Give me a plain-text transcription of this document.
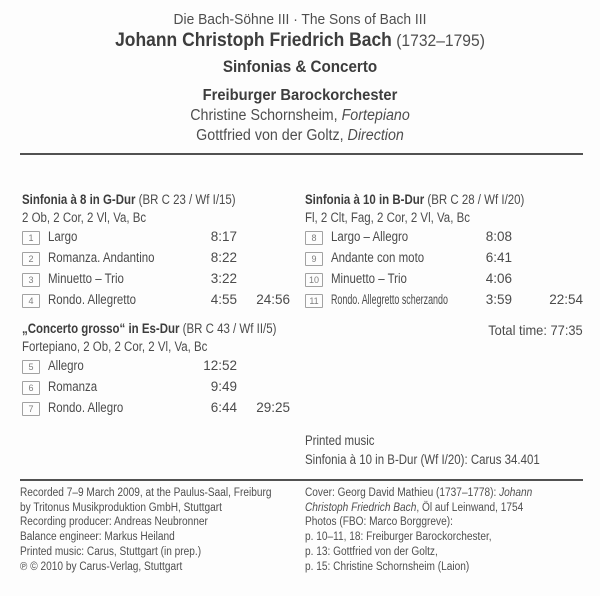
Die Bach-Söhne III · The Sons of Bach III
Johann Christoph Friedrich Bach (1732–1795)
Sinfonias & Concerto
Freiburger Barockorchester
Christine Schornsheim, Fortepiano
Gottfried von der Goltz, Direction
Sinfonia à 8 in G-Dur (BR C 23 / Wf I/15)
2 Ob, 2 Cor, 2 Vl, Va, Bc
1	Largo	8:17
2	Romanza. Andantino	8:22
3	Minuetto – Trio	3:22
4	Rondo. Allegretto	4:55	24:56
„Concerto grosso“ in Es-Dur (BR C 43 / Wf II/5)
Fortepiano, 2 Ob, 2 Cor, 2 Vl, Va, Bc
5	Allegro	12:52
6	Romanza	9:49
7	Rondo. Allegro	6:44	29:25
Sinfonia à 10 in B-Dur (BR C 28 / Wf I/20)
Fl, 2 Clt, Fag, 2 Cor, 2 Vl, Va, Bc
8	Largo – Allegro	8:08
9	Andante con moto	6:41
10 Minuetto – Trio	4:06
11 Rondo. Allegretto scherzando	3:59	22:54
Total time: 77:35
Printed music
Sinfonia à 10 in B-Dur (Wf I/20): Carus 34.401
Recorded 7–9 March 2009, at the Paulus-Saal, Freiburg
by Tritonus Musikproduktion GmbH, Stuttgart
Recording producer: Andreas Neubronner
Balance engineer: Markus Heiland
Printed music: Carus, Stuttgart (in prep.)
℗ © 2010 by Carus-Verlag, Stuttgart

Cover: Georg David Mathieu (1737–1778): Johann Christoph Friedrich Bach, Öl auf Leinwand, 1754

Photos (FBO: Marco Borggreve):
p. 10–11, 18: Freiburger Barockorchester,
p. 13: Gottfried von der Goltz,
p. 15: Christine Schornsheim (Laion)
